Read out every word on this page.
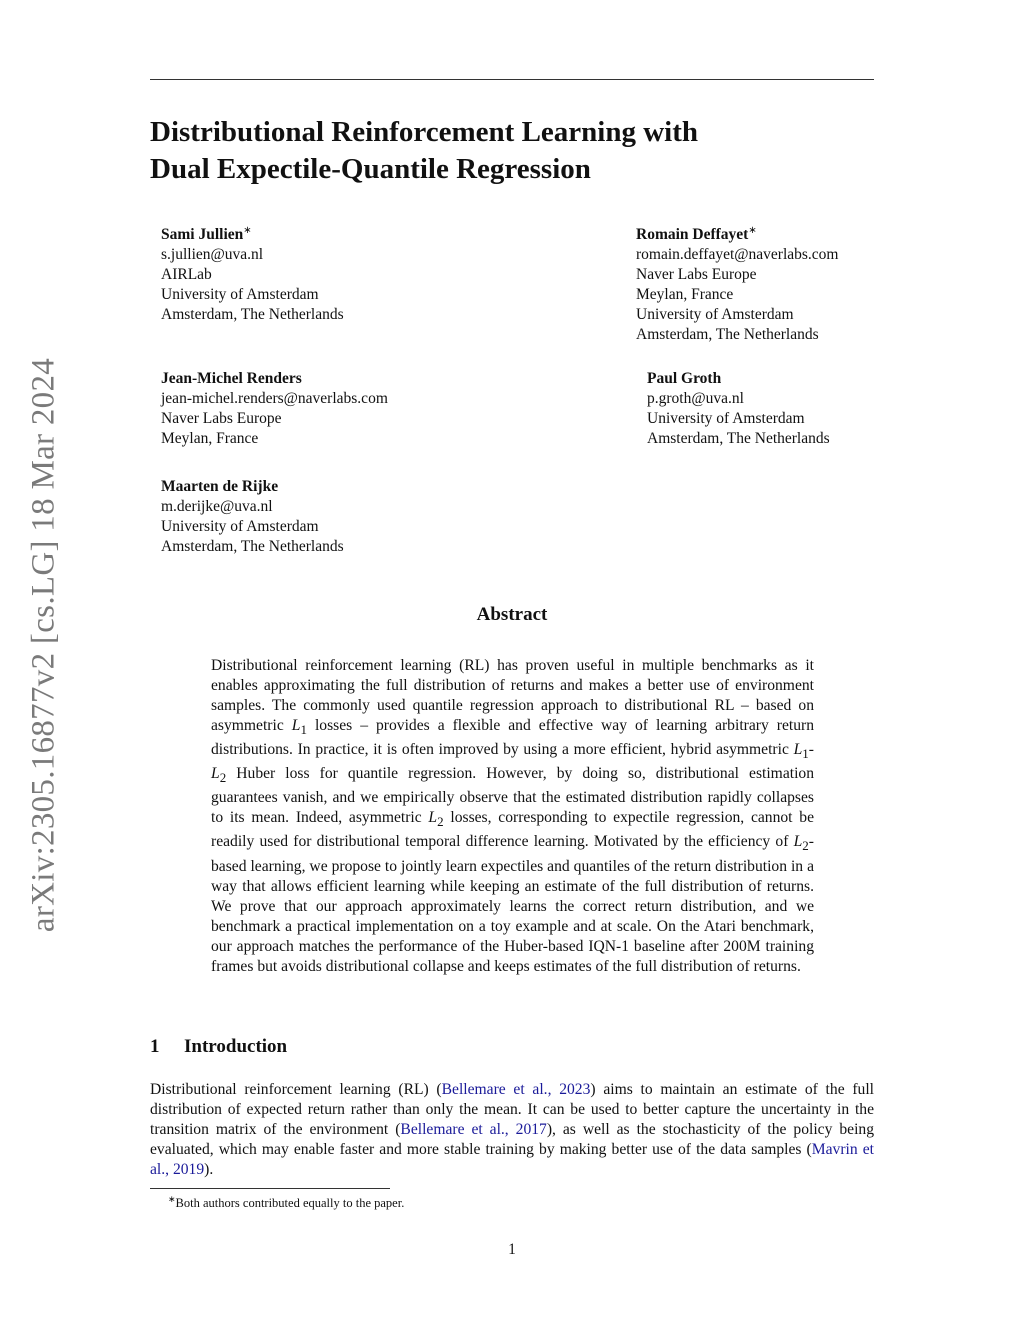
arXiv:2305.16877v2 [cs.LG] 18 Mar 2024
Distributional Reinforcement Learning with
Dual Expectile-Quantile Regression
Sami Jullien∗
s.jullien@uva.nl
AIRLab
University of Amsterdam
Amsterdam, The Netherlands
Romain Deffayet∗
romain.deffayet@naverlabs.com
Naver Labs Europe
Meylan, France
University of Amsterdam
Amsterdam, The Netherlands
Jean-Michel Renders
jean-michel.renders@naverlabs.com
Naver Labs Europe
Meylan, France
Paul Groth
p.groth@uva.nl
University of Amsterdam
Amsterdam, The Netherlands
Maarten de Rijke
m.derijke@uva.nl
University of Amsterdam
Amsterdam, The Netherlands
Abstract

Distributional reinforcement learning (RL) has proven useful in multiple benchmarks as it enables approximating the full distribution of returns and makes a better use of environment samples. The commonly used quantile regression approach to distributional RL – based on asymmetric $L_1$ losses – provides a flexible and effective way of learning arbitrary return distributions. In practice, it is often improved by using a more efficient, hybrid asymmetric $L_1-L_2$ Huber loss for quantile regression. However, by doing so, distributional estimation guarantees vanish, and we empirically observe that the estimated distribution rapidly collapses to its mean. Indeed, asymmetric $L_2$ losses, corresponding to expectile regression, cannot be readily used for distributional temporal difference learning. Motivated by the efficiency of $L_2$-based learning, we propose to jointly learn expectiles and quantiles of the return distribution in a way that allows efficient learning while keeping an estimate of the full distribution of returns. We prove that our approach approximately learns the correct return distribution, and we benchmark a practical implementation on a toy example and at scale. On the Atari benchmark, our approach matches the performance of the Huber-based IQN-1 baseline after 200M training frames but avoids distributional collapse and keeps estimates of the full distribution of returns.

1 Introduction

Distributional reinforcement learning (RL) (Bellemare et al., 2023) aims to maintain an estimate of the full distribution of expected return rather than only the mean. It can be used to better capture the uncertainty in the transition matrix of the environment (Bellemare et al., 2017), as well as the stochasticity of the policy being evaluated, which may enable faster and more stable training by making better use of the data samples (Mavrin et al., 2019).

∗Both authors contributed equally to the paper.
1
